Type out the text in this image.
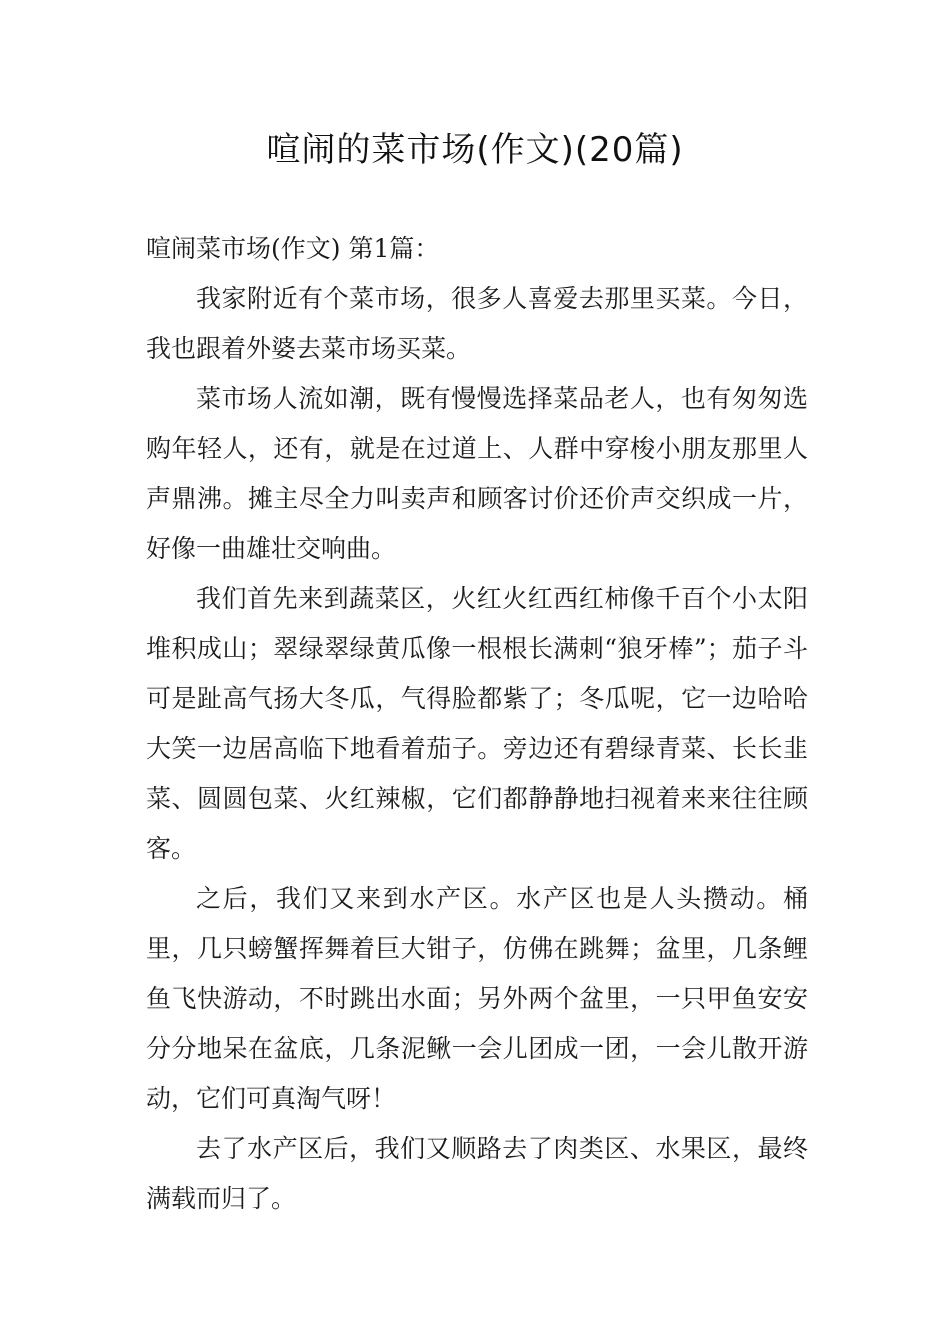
喧闹的菜市场(作文)(20篇)

喧闹菜市场(作文) 第1篇：

我家附近有个菜市场，很多人喜爱去那里买菜。今日，我也跟着外婆去菜市场买菜。

菜市场人流如潮，既有慢慢选择菜品老人，也有匆匆选购年轻人，还有，就是在过道上、人群中穿梭小朋友那里人声鼎沸。摊主尽全力叫卖声和顾客讨价还价声交织成一片，好像一曲雄壮交响曲。

我们首先来到蔬菜区，火红火红西红柿像千百个小太阳堆积成山；翠绿翠绿黄瓜像一根根长满刺“狼牙棒”；茄子斗可是趾高气扬大冬瓜，气得脸都紫了；冬瓜呢，它一边哈哈大笑一边居高临下地看着茄子。旁边还有碧绿青菜、长长韭菜、圆圆包菜、火红辣椒，它们都静静地扫视着来来往往顾客。

之后，我们又来到水产区。水产区也是人头攒动。桶里，几只螃蟹挥舞着巨大钳子，仿佛在跳舞；盆里，几条鲤鱼飞快游动，不时跳出水面；另外两个盆里，一只甲鱼安安分分地呆在盆底，几条泥鳅一会儿团成一团，一会儿散开游动，它们可真淘气呀！

去了水产区后，我们又顺路去了肉类区、水果区，最终满载而归了。
